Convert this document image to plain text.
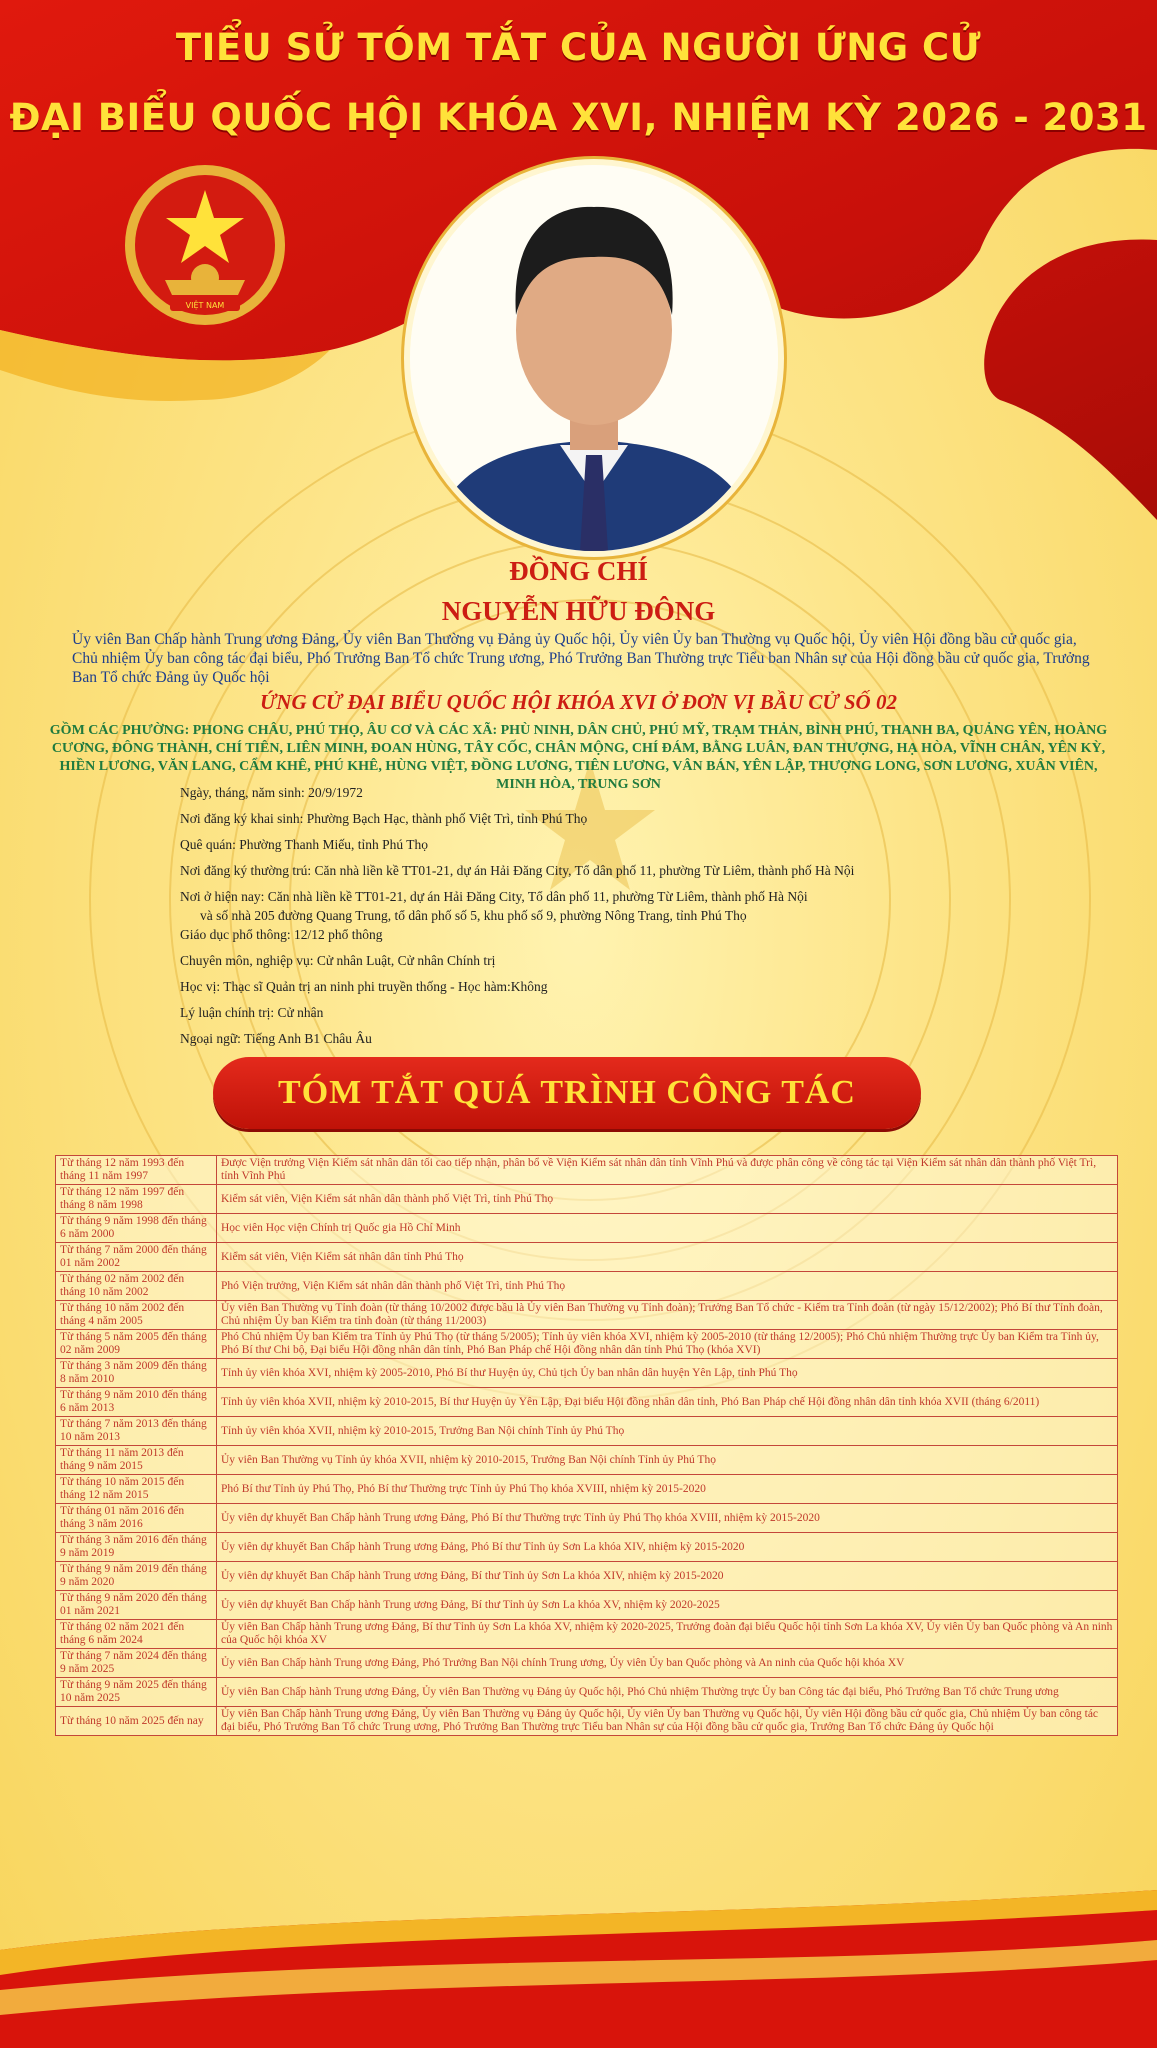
TIỂU SỬ TÓM TẮT CỦA NGƯỜI ỨNG CỬ
ĐẠI BIỂU QUỐC HỘI KHÓA XVI, NHIỆM KỲ 2026 - 2031
VIỆT NAM
ĐỒNG CHÍ
NGUYỄN HỮU ĐÔNG
Ủy viên Ban Chấp hành Trung ương Đảng, Ủy viên Ban Thường vụ Đảng ủy Quốc hội, Ủy viên Ủy ban Thường vụ Quốc hội, Ủy viên Hội đồng bầu cử quốc gia, Chủ nhiệm Ủy ban công tác đại biểu, Phó Trưởng Ban Tổ chức Trung ương, Phó Trưởng Ban Thường trực Tiểu ban Nhân sự của Hội đồng bầu cử quốc gia, Trưởng Ban Tổ chức Đảng ủy Quốc hội
ỨNG CỬ ĐẠI BIỂU QUỐC HỘI KHÓA XVI Ở ĐƠN VỊ BẦU CỬ SỐ 02
GỒM CÁC PHƯỜNG: PHONG CHÂU, PHÚ THỌ, ÂU CƠ VÀ CÁC XÃ: PHÙ NINH, DÂN CHỦ, PHÚ MỸ, TRẠM THẢN, BÌNH PHÚ, THANH BA, QUẢNG YÊN, HOÀNG CƯƠNG, ĐÔNG THÀNH, CHÍ TIÊN, LIÊN MINH, ĐOAN HÙNG, TÂY CỐC, CHÂN MỘNG, CHÍ ĐÁM, BẰNG LUÂN, ĐAN THƯỢNG, HẠ HÒA, VĨNH CHÂN, YÊN KỲ, HIỀN LƯƠNG, VĂN LANG, CẨM KHÊ, PHÚ KHÊ, HÙNG VIỆT, ĐỒNG LƯƠNG, TIÊN LƯƠNG, VÂN BÁN, YÊN LẬP, THƯỢNG LONG, SƠN LƯƠNG, XUÂN VIÊN, MINH HÒA, TRUNG SƠN
Ngày, tháng, năm sinh: 20/9/1972
Nơi đăng ký khai sinh: Phường Bạch Hạc, thành phố Việt Trì, tỉnh Phú Thọ
Quê quán: Phường Thanh Miếu, tỉnh Phú Thọ
Nơi đăng ký thường trú: Căn nhà liền kề TT01-21, dự án Hải Đăng City, Tổ dân phố 11, phường Từ Liêm, thành phố Hà Nội
Nơi ở hiện nay: Căn nhà liền kề TT01-21, dự án Hải Đăng City, Tổ dân phố 11, phường Từ Liêm, thành phố Hà Nội
và số nhà 205 đường Quang Trung, tổ dân phố số 5, khu phố số 9, phường Nông Trang, tỉnh Phú Thọ
Giáo dục phổ thông: 12/12 phổ thông
Chuyên môn, nghiệp vụ: Cử nhân Luật, Cử nhân Chính trị
Học vị: Thạc sĩ Quản trị an ninh phi truyền thống - Học hàm:Không
Lý luận chính trị: Cử nhân
Ngoại ngữ: Tiếng Anh B1 Châu Âu
TÓM TẮT QUÁ TRÌNH CÔNG TÁC
Từ tháng 12 năm 1993 đến tháng 11 năm 1997	Được Viện trưởng Viện Kiểm sát nhân dân tối cao tiếp nhận, phân bổ về Viện Kiểm sát nhân dân tỉnh Vĩnh Phú và được phân công về công tác tại Viện Kiểm sát nhân dân thành phố Việt Trì, tỉnh Vĩnh Phú
Từ tháng 12 năm 1997 đến tháng 8 năm 1998	Kiểm sát viên, Viện Kiểm sát nhân dân thành phố Việt Trì, tỉnh Phú Thọ
Từ tháng 9 năm 1998 đến tháng 6 năm 2000	Học viên Học viện Chính trị Quốc gia Hồ Chí Minh
Từ tháng 7 năm 2000 đến tháng 01 năm 2002	Kiểm sát viên, Viện Kiểm sát nhân dân tỉnh Phú Thọ
Từ tháng 02 năm 2002 đến tháng 10 năm 2002	Phó Viện trưởng, Viện Kiểm sát nhân dân thành phố Việt Trì, tỉnh Phú Thọ
Từ tháng 10 năm 2002 đến tháng 4 năm 2005	Ủy viên Ban Thường vụ Tỉnh đoàn (từ tháng 10/2002 được bầu là Ủy viên Ban Thường vụ Tỉnh đoàn); Trưởng Ban Tổ chức - Kiểm tra Tỉnh đoàn (từ ngày 15/12/2002); Phó Bí thư Tỉnh đoàn, Chủ nhiệm Ủy ban Kiểm tra tỉnh đoàn (từ tháng 11/2003)
Từ tháng 5 năm 2005 đến tháng 02 năm 2009	Phó Chủ nhiệm Ủy ban Kiểm tra Tỉnh ủy Phú Thọ (từ tháng 5/2005); Tỉnh ủy viên khóa XVI, nhiệm kỳ 2005-2010 (từ tháng 12/2005); Phó Chủ nhiệm Thường trực Ủy ban Kiểm tra Tỉnh ủy, Phó Bí thư Chi bộ, Đại biểu Hội đồng nhân dân tỉnh, Phó Ban Pháp chế Hội đồng nhân dân tỉnh Phú Thọ (khóa XVI)
Từ tháng 3 năm 2009 đến tháng 8 năm 2010	Tỉnh ủy viên khóa XVI, nhiệm kỳ 2005-2010, Phó Bí thư Huyện ủy, Chủ tịch Ủy ban nhân dân huyện Yên Lập, tỉnh Phú Thọ
Từ tháng 9 năm 2010 đến tháng 6 năm 2013	Tỉnh ủy viên khóa XVII, nhiệm kỳ 2010-2015, Bí thư Huyện ủy Yên Lập, Đại biểu Hội đồng nhân dân tỉnh, Phó Ban Pháp chế Hội đồng nhân dân tỉnh khóa XVII (tháng 6/2011)
Từ tháng 7 năm 2013 đến tháng 10 năm 2013	Tỉnh ủy viên khóa XVII, nhiệm kỳ 2010-2015, Trưởng Ban Nội chính Tỉnh ủy Phú Thọ
Từ tháng 11 năm 2013 đến tháng 9 năm 2015	Ủy viên Ban Thường vụ Tỉnh ủy khóa XVII, nhiệm kỳ 2010-2015, Trưởng Ban Nội chính Tỉnh ủy Phú Thọ
Từ tháng 10 năm 2015 đến tháng 12 năm 2015	Phó Bí thư Tỉnh ủy Phú Thọ, Phó Bí thư Thường trực Tỉnh ủy Phú Thọ khóa XVIII, nhiệm kỳ 2015-2020
Từ tháng 01 năm 2016 đến tháng 3 năm 2016	Ủy viên dự khuyết Ban Chấp hành Trung ương Đảng, Phó Bí thư Thường trực Tỉnh ủy Phú Thọ khóa XVIII, nhiệm kỳ 2015-2020
Từ tháng 3 năm 2016 đến tháng 9 năm 2019	Ủy viên dự khuyết Ban Chấp hành Trung ương Đảng, Phó Bí thư Tỉnh ủy Sơn La khóa XIV, nhiệm kỳ 2015-2020
Từ tháng 9 năm 2019 đến tháng 9 năm 2020	Ủy viên dự khuyết Ban Chấp hành Trung ương Đảng, Bí thư Tỉnh ủy Sơn La khóa XIV, nhiệm kỳ 2015-2020
Từ tháng 9 năm 2020 đến tháng 01 năm 2021	Ủy viên dự khuyết Ban Chấp hành Trung ương Đảng, Bí thư Tỉnh ủy Sơn La khóa XV, nhiệm kỳ 2020-2025
Từ tháng 02 năm 2021 đến tháng 6 năm 2024	Ủy viên Ban Chấp hành Trung ương Đảng, Bí thư Tỉnh ủy Sơn La khóa XV, nhiệm kỳ 2020-2025, Trưởng đoàn đại biểu Quốc hội tỉnh Sơn La khóa XV, Ủy viên Ủy ban Quốc phòng và An ninh của Quốc hội khóa XV
Từ tháng 7 năm 2024 đến tháng 9 năm 2025	Ủy viên Ban Chấp hành Trung ương Đảng, Phó Trưởng Ban Nội chính Trung ương, Ủy viên Ủy ban Quốc phòng và An ninh của Quốc hội khóa XV
Từ tháng 9 năm 2025 đến tháng 10 năm 2025	Ủy viên Ban Chấp hành Trung ương Đảng, Ủy viên Ban Thường vụ Đảng ủy Quốc hội, Phó Chủ nhiệm Thường trực Ủy ban Công tác đại biểu, Phó Trưởng Ban Tổ chức Trung ương
Từ tháng 10 năm 2025 đến nay	Ủy viên Ban Chấp hành Trung ương Đảng, Ủy viên Ban Thường vụ Đảng ủy Quốc hội, Ủy viên Ủy ban Thường vụ Quốc hội, Ủy viên Hội đồng bầu cử quốc gia, Chủ nhiệm Ủy ban công tác đại biểu, Phó Trưởng Ban Tổ chức Trung ương, Phó Trưởng Ban Thường trực Tiểu ban Nhân sự của Hội đồng bầu cử quốc gia, Trưởng Ban Tổ chức Đảng ủy Quốc hội
